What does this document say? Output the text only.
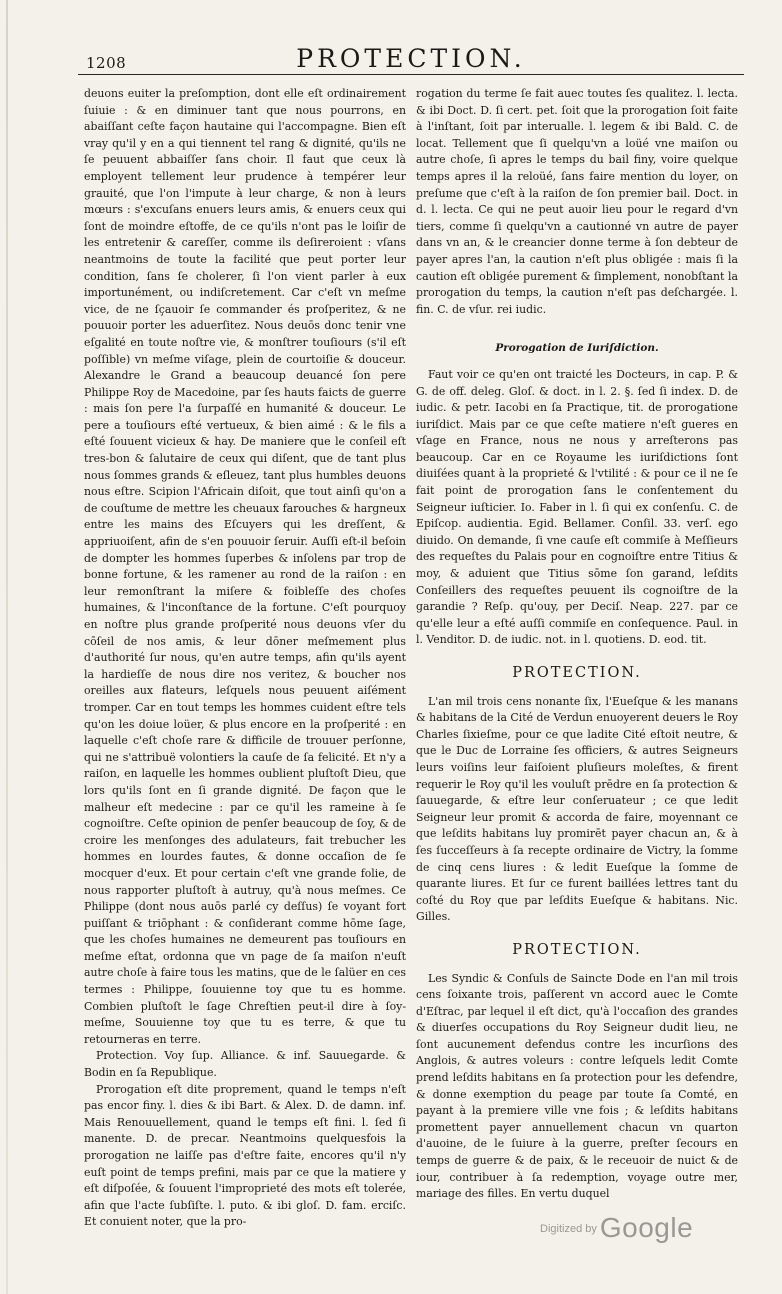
1208	PROTECTION.

deuons euiter la preſomption, dont elle eſt ordinairement ſuiuie : & en diminuer tant que nous pourrons, en abaiſſant ceſte façon hautaine qui l'accompagne. Bien eſt vray qu'il y en a qui tiennent tel rang & dignité, qu'ils ne ſe peuuent abbaiſſer ſans choir. Il faut que ceux là employent tellement leur prudence à tempérer leur grauité, que l'on l'impute à leur charge, & non à leurs mœurs : s'excuſans enuers leurs amis, & enuers ceux qui ſont de moindre eſtoffe, de ce qu'ils n'ont pas le loiſir de les entretenir & careſſer, comme ils deſireroient : vſans neantmoins de toute la facilité que peut porter leur condition, ſans ſe cholerer, ſi l'on vient parler à eux importunément, ou indiſcretement. Car c'eſt vn meſme vice, de ne ſçauoir ſe commander és proſperitez, & ne pouuoir porter les aduerſitez. Nous deuōs donc tenir vne eſgalité en toute noſtre vie, & monſtrer touſiours (s'il eſt poſſible) vn meſme viſage, plein de courtoiſie & douceur. Alexandre le Grand a beaucoup deuancé ſon pere Philippe Roy de Macedoine, par ſes hauts faicts de guerre : mais ſon pere l'a ſurpaſſé en humanité & douceur. Le pere a touſiours eſté vertueux, & bien aimé : & le fils a eſté ſouuent vicieux & hay. De maniere que le conſeil eſt tres-bon & ſalutaire de ceux qui diſent, que de tant plus nous ſommes grands & eſleuez, tant plus humbles deuons nous eſtre. Scipion l'Africain diſoit, que tout ainſi qu'on a de couſtume de mettre les cheuaux farouches & hargneux entre les mains des Eſcuyers qui les dreſſent, & appriuoiſent, afin de s'en pouuoir ſeruir. Auſſi eſt-il beſoin de dompter les hommes ſuperbes & inſolens par trop de bonne fortune, & les ramener au rond de la raiſon : en leur remonſtrant la miſere & foibleſſe des choſes humaines, & l'inconſtance de la fortune. C'eſt pourquoy en noſtre plus grande proſperité nous deuons vſer du cōſeil de nos amis, & leur dōner meſmement plus d'authorité ſur nous, qu'en autre temps, afin qu'ils ayent la hardieſſe de nous dire nos veritez, & boucher nos oreilles aux flateurs, leſquels nous peuuent aiſément tromper. Car en tout temps les hommes cuident eſtre tels qu'on les doiue loüer, & plus encore en la proſperité : en laquelle c'eſt choſe rare & difficile de trouuer perſonne, qui ne s'attribuë volontiers la cauſe de ſa felicité. Et n'y a raiſon, en laquelle les hommes oublient pluſtoſt Dieu, que lors qu'ils ſont en ſi grande dignité. De façon que le malheur eſt medecine : par ce qu'il les rameine à ſe cognoiſtre. Ceſte opinion de penſer beaucoup de ſoy, & de croire les menſonges des adulateurs, fait trebucher les hommes en lourdes fautes, & donne occaſion de ſe mocquer d'eux. Et pour certain c'eſt vne grande folie, de nous rapporter pluſtoſt à autruy, qu'à nous meſmes. Ce Philippe (dont nous auōs parlé cy deſſus) ſe voyant fort puiſſant & triōphant : & conſiderant comme hōme ſage, que les choſes humaines ne demeurent pas touſiours en meſme eſtat, ordonna que vn page de ſa maiſon n'euſt autre choſe à faire tous les matins, que de le ſalüer en ces termes : Philippe, ſouuienne toy que tu es homme. Combien pluſtoſt le ſage Chreſtien peut-il dire à ſoy-meſme, Souuienne toy que tu es terre, & que tu retourneras en terre.

Protection. Voy ſup. Alliance. & inf. Sauuegarde. & Bodin en ſa Republique.

Prorogation eſt dite proprement, quand le temps n'eſt pas encor finy. l. dies & ibi Bart. & Alex. D. de damn. inf. Mais Renouuellement, quand le temps eſt fini. l. ſed ſi manente. D. de precar. Neantmoins quelquesfois la prorogation ne laiſſe pas d'eſtre faite, encores qu'il n'y euſt point de temps prefini, mais par ce que la matiere y eſt diſpoſée, & ſouuent l'improprieté des mots eſt tolerée, afin que l'acte ſubſiſte. l. puto. & ibi gloſ. D. fam. erciſc. Et conuient noter, que la pro-

rogation du terme ſe fait auec toutes ſes qualitez. l. lecta. & ibi Doct. D. ſi cert. pet. ſoit que la prorogation ſoit faite à l'inſtant, ſoit par interualle. l. legem & ibi Bald. C. de locat. Tellement que ſi quelqu'vn a loüé vne maiſon ou autre choſe, ſi apres le temps du bail finy, voire quelque temps apres il la reloüé, ſans faire mention du loyer, on preſume que c'eſt à la raiſon de ſon premier bail. Doct. in d. l. lecta. Ce qui ne peut auoir lieu pour le regard d'vn tiers, comme ſi quelqu'vn a cautionné vn autre de payer dans vn an, & le creancier donne terme à ſon debteur de payer apres l'an, la caution n'eſt plus obligée : mais ſi la caution eſt obligée purement & ſimplement, nonobſtant la prorogation du temps, la caution n'eſt pas deſchargée. l. fin. C. de vſur. rei iudic.

Prorogation de Iuriſdiction.

Faut voir ce qu'en ont traicté les Docteurs, in cap. P. & G. de off. deleg. Gloſ. & doct. in l. 2. §. ſed ſi index. D. de iudic. & petr. Iacobi en ſa Practique, tit. de prorogatione iuriſdict. Mais par ce que ceſte matiere n'eſt gueres en vſage en France, nous ne nous y arreſterons pas beaucoup. Car en ce Royaume les iuriſdictions ſont diuiſées quant à la proprieté & l'vtilité : & pour ce il ne ſe fait point de prorogation ſans le conſentement du Seigneur iuſticier. Io. Faber in l. ſi qui ex conſenſu. C. de Epiſcop. audientia. Egid. Bellamer. Conſil. 33. verſ. ego diuido. On demande, ſi vne cauſe eſt commiſe à Meſſieurs des requeſtes du Palais pour en cognoiſtre entre Titius & moy, & aduient que Titius sōme ſon garand, leſdits Conſeillers des requeſtes peuuent ils cognoiſtre de la garandie ? Reſp. qu'ouy, per Deciſ. Neap. 227. par ce qu'elle leur a eſté auſſi commiſe en conſequence. Paul. in l. Venditor. D. de iudic. not. in l. quotiens. D. eod. tit.

PROTECTION.

L'an mil trois cens nonante ſix, l'Eueſque & les manans & habitans de la Cité de Verdun enuoyerent deuers le Roy Charles ſixieſme, pour ce que ladite Cité eſtoit neutre, & que le Duc de Lorraine ſes officiers, & autres Seigneurs leurs voiſins leur faiſoient pluſieurs moleſtes, & firent requerir le Roy qu'il les vouluſt prēdre en ſa protection & ſauuegarde, & eſtre leur conſeruateur ; ce que ledit Seigneur leur promit & accorda de faire, moyennant ce que leſdits habitans luy promirēt payer chacun an, & à ſes ſucceſſeurs à ſa recepte ordinaire de Victry, la ſomme de cinq cens liures : & ledit Eueſque la ſomme de quarante liures. Et ſur ce furent baillées lettres tant du coſté du Roy que par leſdits Eueſque & habitans. Nic. Gilles.

PROTECTION.

Les Syndic & Conſuls de Saincte Dode en l'an mil trois cens ſoixante trois, paſſerent vn accord auec le Comte d'Eſtrac, par lequel il eſt dict, qu'à l'occaſion des grandes & diuerſes occupations du Roy Seigneur dudit lieu, ne ſont aucunement defendus contre les incurſions des Anglois, & autres voleurs : contre leſquels ledit Comte prend leſdits habitans en ſa protection pour les defendre, & donne exemption du peage par toute ſa Comté, en payant à la premiere ville vne fois ; & leſdits habitans promettent payer annuellement chacun vn quarton d'auoine, de le ſuiure à la guerre, preſter ſecours en temps de guerre & de paix, & le receuoir de nuict & de iour, contribuer à ſa redemption, voyage outre mer, mariage des filles. En vertu duquel

$^{Digitized by}$ Google
